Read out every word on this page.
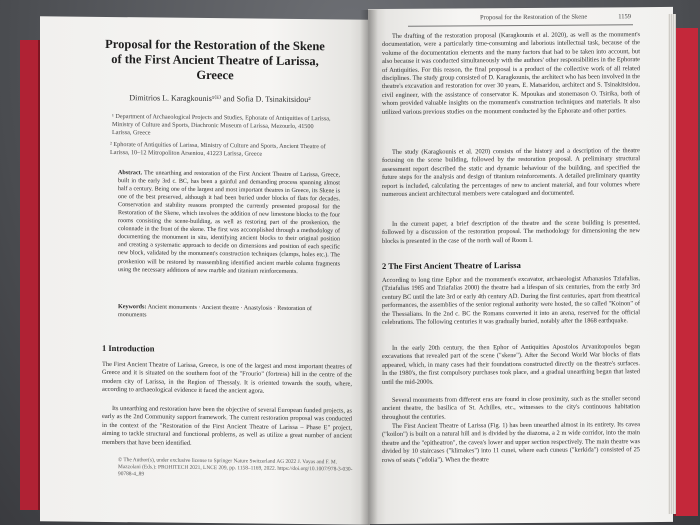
Proposal for the Restoration of the Skene
of the First Ancient Theatre of Larissa, Greece
Dimitrios L. Karagkounis¹⁽ᴱ⁾ and Sofia D. Tsinakitsidou²
¹ Department of Archaeological Projects and Studies, Ephorate of Antiquities of Larissa, Ministry of Culture and Sports, Diachronic Museum of Larissa, Mezourlo, 41500 Larissa, Greece
² Ephorate of Antiquities of Larissa, Ministry of Culture and Sports, Ancient Theatre of Larissa, 10–12 Mitropoliton Arseniou, 41223 Larissa, Greece
Abstract. The unearthing and restoration of the First Ancient Theatre of Larissa, Greece, built in the early 3rd c. BC, has been a gainful and demanding process spanning almost half a century. Being one of the largest and most important theatres in Greece, its Skene is one of the best preserved, although it had been buried under blocks of flats for decades. Conservation and stability reasons prompted the currently presented proposal for the Restoration of the Skene, which involves the addition of new limestone blocks to the four rooms consisting the scene-building, as well as restoring part of the proskenion, the colonnade in the front of the skene. The first was accomplished through a methodology of documenting the monument in situ, identifying ancient blocks to their original position and creating a systematic approach to decide on dimensions and position of each specific new block, validated by the monument's construction techniques (clamps, holes etc.). The proskenion will be restored by reassembling identified ancient marble column fragments using the necessary additions of new marble and titanium reinforcements.
Keywords: Ancient monuments · Ancient theatre · Anastylosis · Restoration of monuments
1 Introduction
The First Ancient Theatre of Larissa, Greece, is one of the largest and most important theatres of Greece and it is situated on the southern foot of the "Frourio" (fortress) hill in the centre of the modern city of Larissa, in the Region of Thessaly. It is oriented towards the south, where, according to archaeological evidence it faced the ancient agora.
Its unearthing and restoration have been the objective of several European funded projects, as early as the 2nd Community support framework. The current restoration proposal was conducted in the context of the "Restoration of the First Ancient Theatre of Larissa – Phase E" project, aiming to tackle structural and functional problems, as well as utilize a great number of ancient members that have been identified.
© The Author(s), under exclusive license to Springer Nature Switzerland AG 2022 J. Vayas and F. M. Mazzolani (Eds.): PROHITECH 2021, LNCE 209, pp. 1158–1169, 2022. https://doi.org/10.1007/978-3-030-90788-4_89
Proposal for the Restoration of the Skene	1159
The drafting of the restoration proposal (Karagkounis et al. 2020), as well as the monument's documentation, were a particularly time-consuming and laborious intellectual task, because of the volume of the documentation elements and the many factors that had to be taken into account, but also because it was conducted simultaneously with the authors' other responsibilities in the Ephorate of Antiquities. For this reason, the final proposal is a product of the collective work of all related disciplines. The study group consisted of D. Karagkounis, the architect who has been involved in the theatre's excavation and restoration for over 30 years, E. Matsaridou, architect and S. Tsinakitsidou, civil engineer, with the assistance of conservator K. Mpoukas and stonemason O. Tsirika, both of whom provided valuable insights on the monument's construction techniques and materials. It also utilized various previous studies on the monument conducted by the Ephorate and other parties.
The study (Karagkounis et al. 2020) consists of the history and a description of the theatre focusing on the scene building, followed by the restoration proposal. A preliminary structural assessment report described the static and dynamic behaviour of the building, and specified the future steps for the analysis and design of titanium reinforcements. A detailed preliminary quantity report is included, calculating the percentages of new to ancient material, and four volumes where numerous ancient architectural members were catalogued and documented.
In the current paper, a brief description of the theatre and the scene building is presented, followed by a discussion of the restoration proposal. The methodology for dimensioning the new blocks is presented in the case of the north wall of Room I.
2 The First Ancient Theatre of Larissa
According to long time Ephor and the monument's excavator, archaeologist Athanasios Tziafalias, (Tziafalias 1985 and Tziafalias 2000) the theatre had a lifespan of six centuries, from the early 3rd century BC until the late 3rd or early 4th century AD. During the first centuries, apart from theatrical performances, the assemblies of the senior regional authority were hosted, the so called "Koinon" of the Thessalians. In the 2nd c. BC the Romans converted it into an arena, reserved for the official celebrations. The following centuries it was gradually buried, notably after the 1868 earthquake.
In the early 20th century, the then Ephor of Antiquities Apostolos Arvanitopoulos began excavations that revealed part of the scene ("skene"). After the Second World War blocks of flats appeared, which, in many cases had their foundations constructed directly on the theatre's surfaces. In the 1980's, the first compulsory purchases took place, and a gradual unearthing began that lasted until the mid-2000s.
Several monuments from different eras are found in close proximity, such as the smaller second ancient theatre, the basilica of St. Achilles, etc., witnesses to the city's continuous habitation throughout the centuries.
The First Ancient Theatre of Larissa (Fig. 1) has been unearthed almost in its entirety. Its cavea ("koilon") is built on a natural hill and is divided by the diazoma, a 2 m wide corridor, into the main theatre and the "epitheatron", the cavea's lower and upper section respectively. The main theatre was divided by 10 staircases ("klimakes") into 11 cunei, where each cuneus ("kerkida") consisted of 25 rows of seats ("edolia"). When the theatre
